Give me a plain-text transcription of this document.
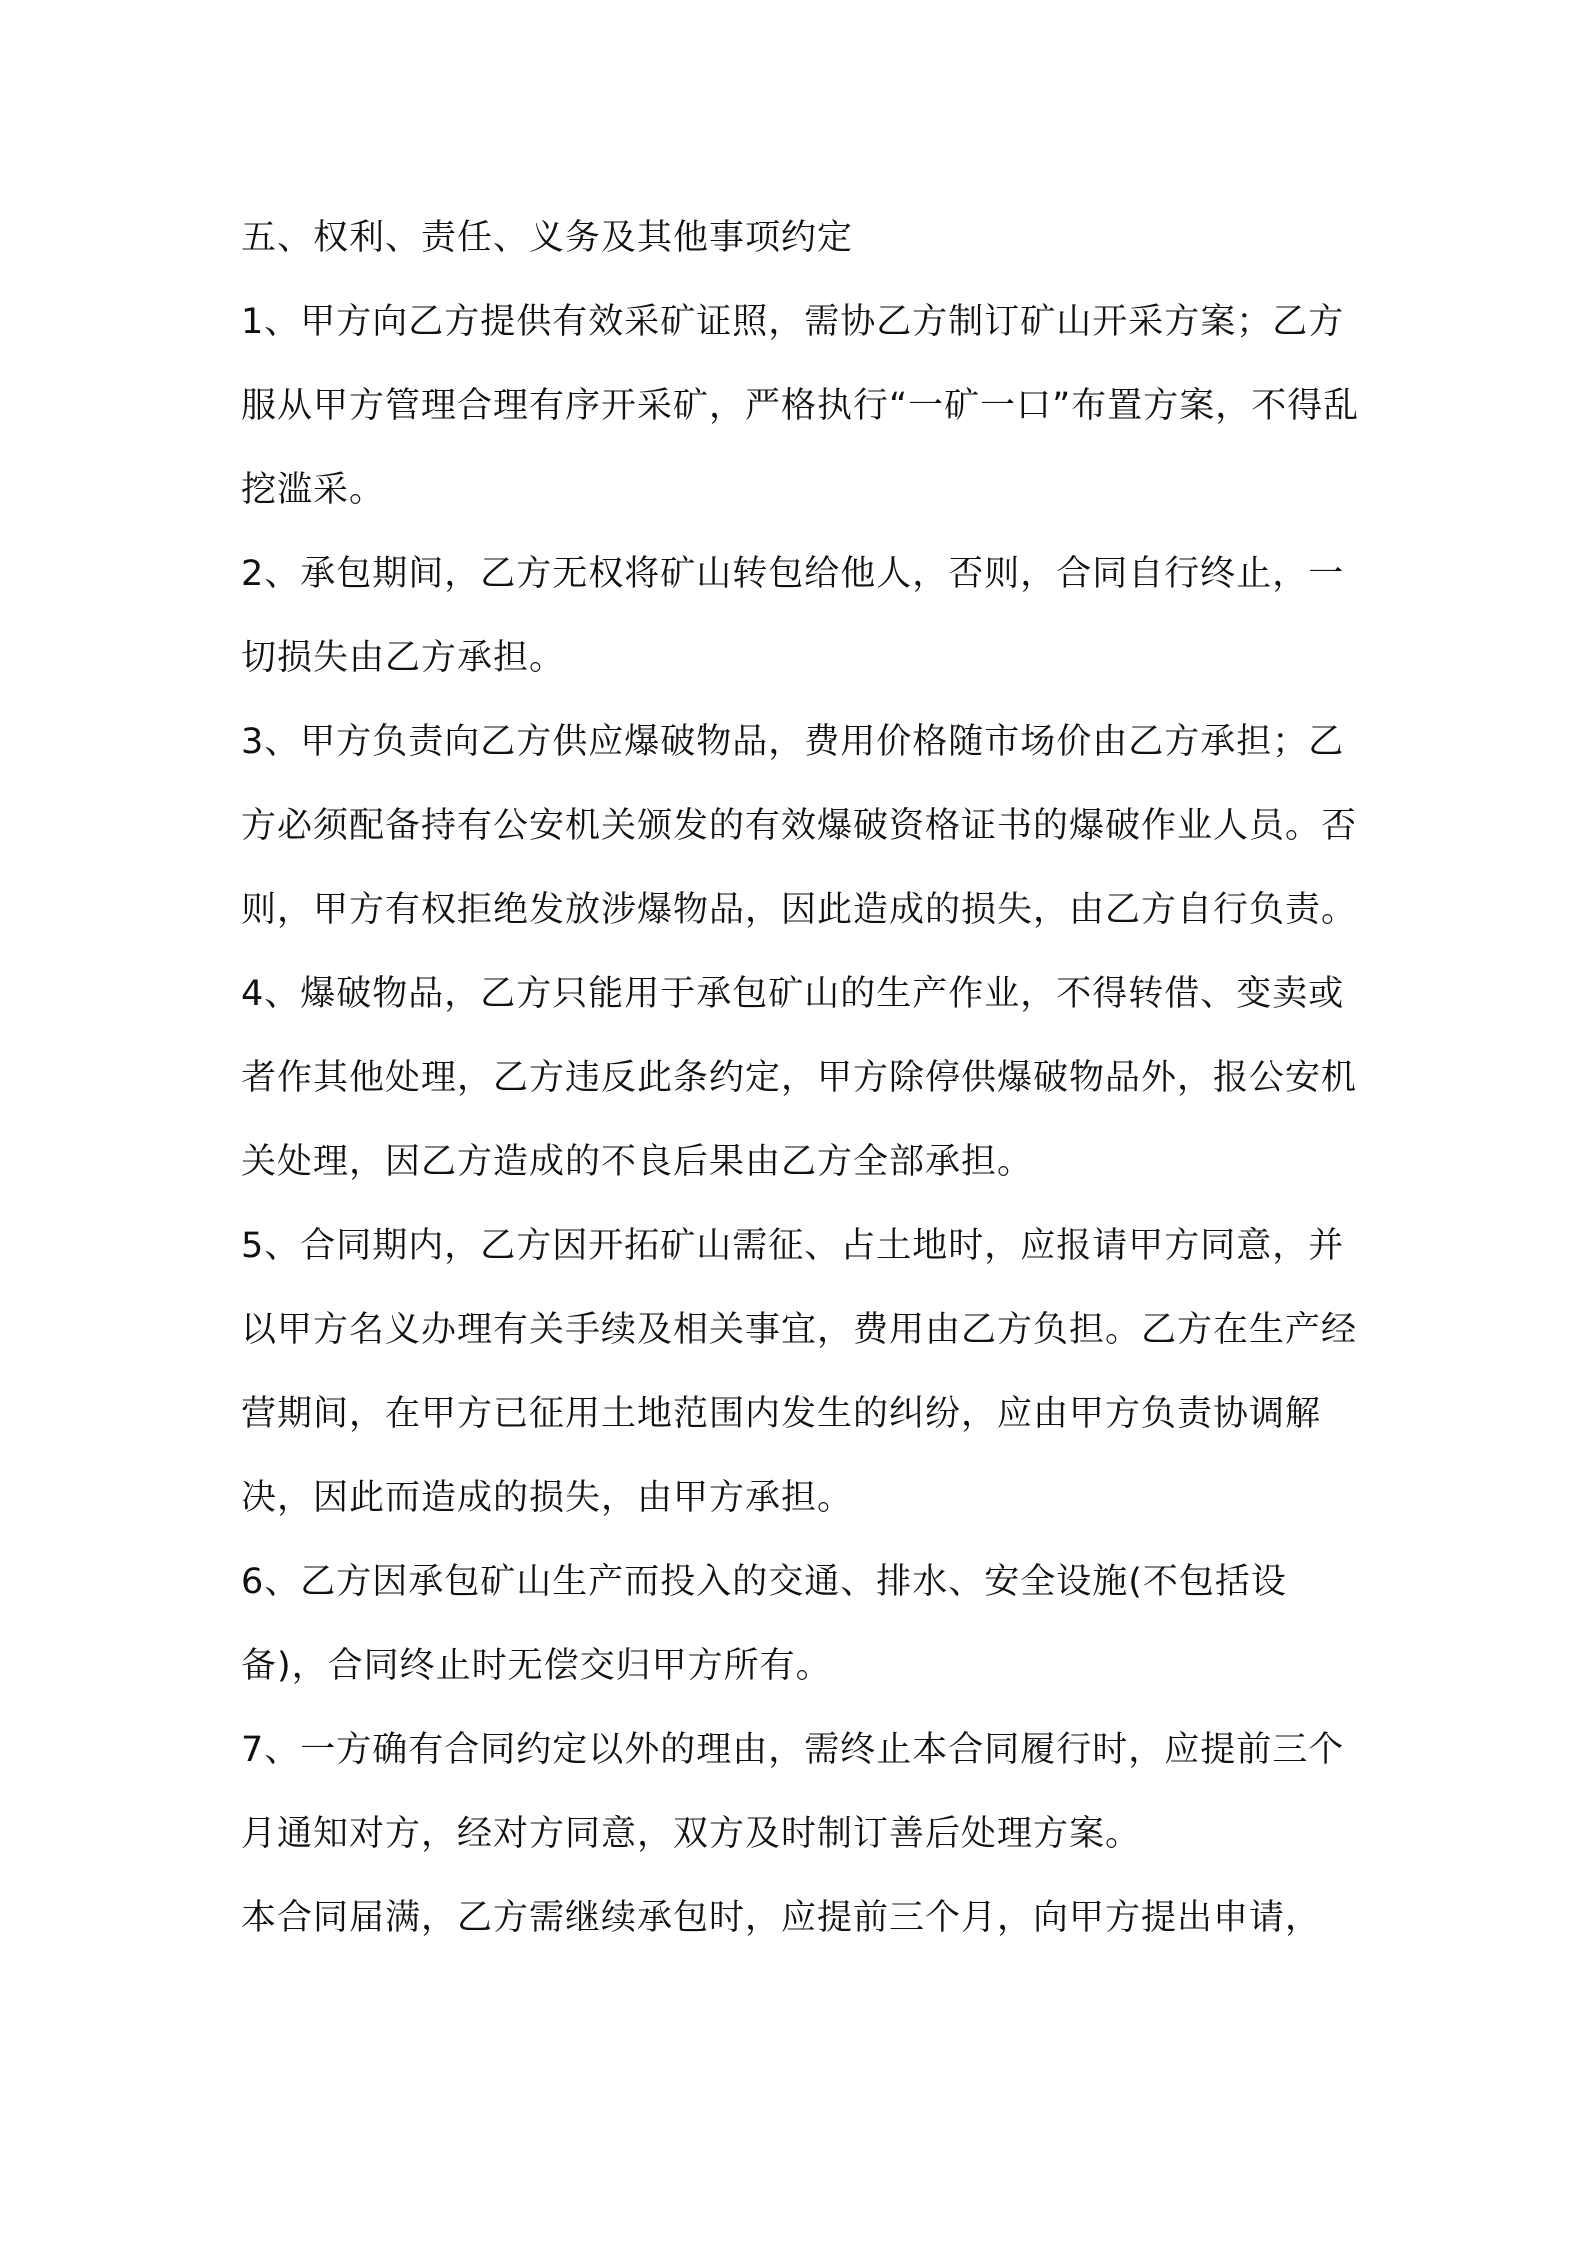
五、权利、责任、义务及其他事项约定

1、甲方向乙方提供有效采矿证照，需协乙方制订矿山开采方案；乙方服从甲方管理合理有序开采矿，严格执行“一矿一口”布置方案，不得乱挖滥采。

2、承包期间，乙方无权将矿山转包给他人，否则，合同自行终止，一切损失由乙方承担。

3、甲方负责向乙方供应爆破物品，费用价格随市场价由乙方承担；乙方必须配备持有公安机关颁发的有效爆破资格证书的爆破作业人员。否则，甲方有权拒绝发放涉爆物品，因此造成的损失，由乙方自行负责。

4、爆破物品，乙方只能用于承包矿山的生产作业，不得转借、变卖或者作其他处理，乙方违反此条约定，甲方除停供爆破物品外，报公安机关处理，因乙方造成的不良后果由乙方全部承担。

5、合同期内，乙方因开拓矿山需征、占土地时，应报请甲方同意，并以甲方名义办理有关手续及相关事宜，费用由乙方负担。乙方在生产经营期间，在甲方已征用土地范围内发生的纠纷，应由甲方负责协调解决，因此而造成的损失，由甲方承担。

6、乙方因承包矿山生产而投入的交通、排水、安全设施(不包括设备)，合同终止时无偿交归甲方所有。

7、一方确有合同约定以外的理由，需终止本合同履行时，应提前三个月通知对方，经对方同意，双方及时制订善后处理方案。

本合同届满，乙方需继续承包时，应提前三个月，向甲方提出申请，
